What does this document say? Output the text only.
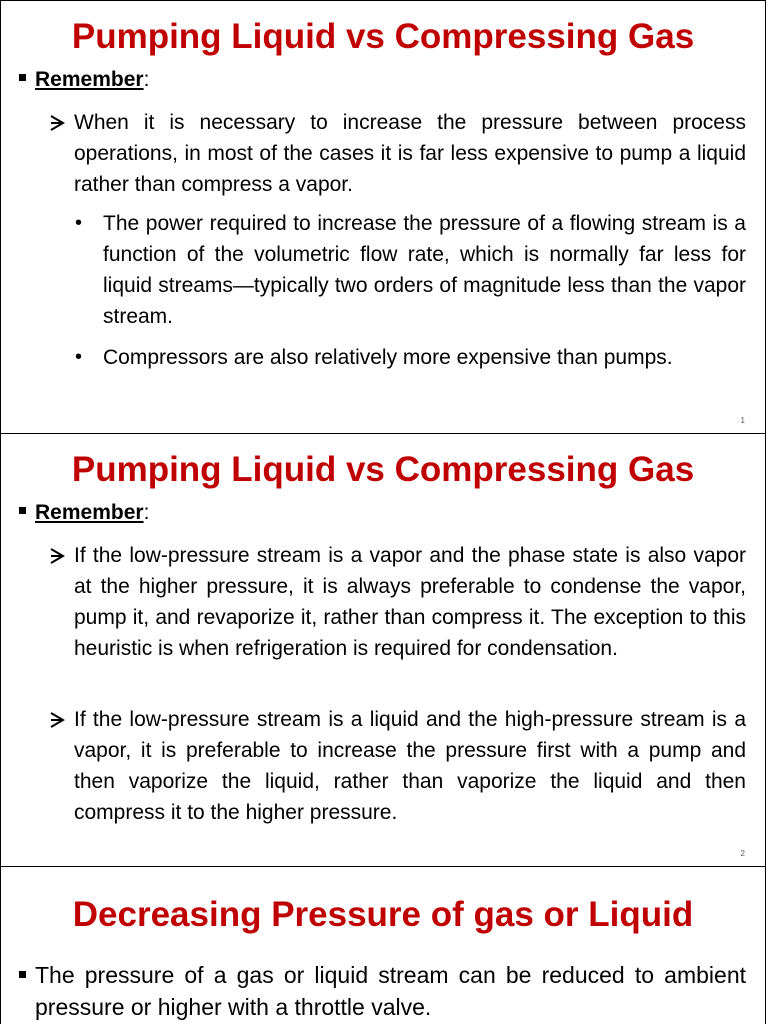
Pumping Liquid vs Compressing Gas
Remember:
When it is necessary to increase the pressure between process operations, in most of the cases it is far less expensive to pump a liquid rather than compress a vapor.
• The power required to increase the pressure of a flowing stream is a function of the volumetric flow rate, which is normally far less for liquid streams—typically two orders of magnitude less than the vapor stream.
• Compressors are also relatively more expensive than pumps.
1
Pumping Liquid vs Compressing Gas
Remember:
If the low-pressure stream is a vapor and the phase state is also vapor at the higher pressure, it is always preferable to condense the vapor, pump it, and revaporize it, rather than compress it. The exception to this heuristic is when refrigeration is required for condensation.
If the low-pressure stream is a liquid and the high-pressure stream is a vapor, it is preferable to increase the pressure first with a pump and then vaporize the liquid, rather than vaporize the liquid and then compress it to the higher pressure.
2
Decreasing Pressure of gas or Liquid
The pressure of a gas or liquid stream can be reduced to ambient pressure or higher with a throttle valve.
